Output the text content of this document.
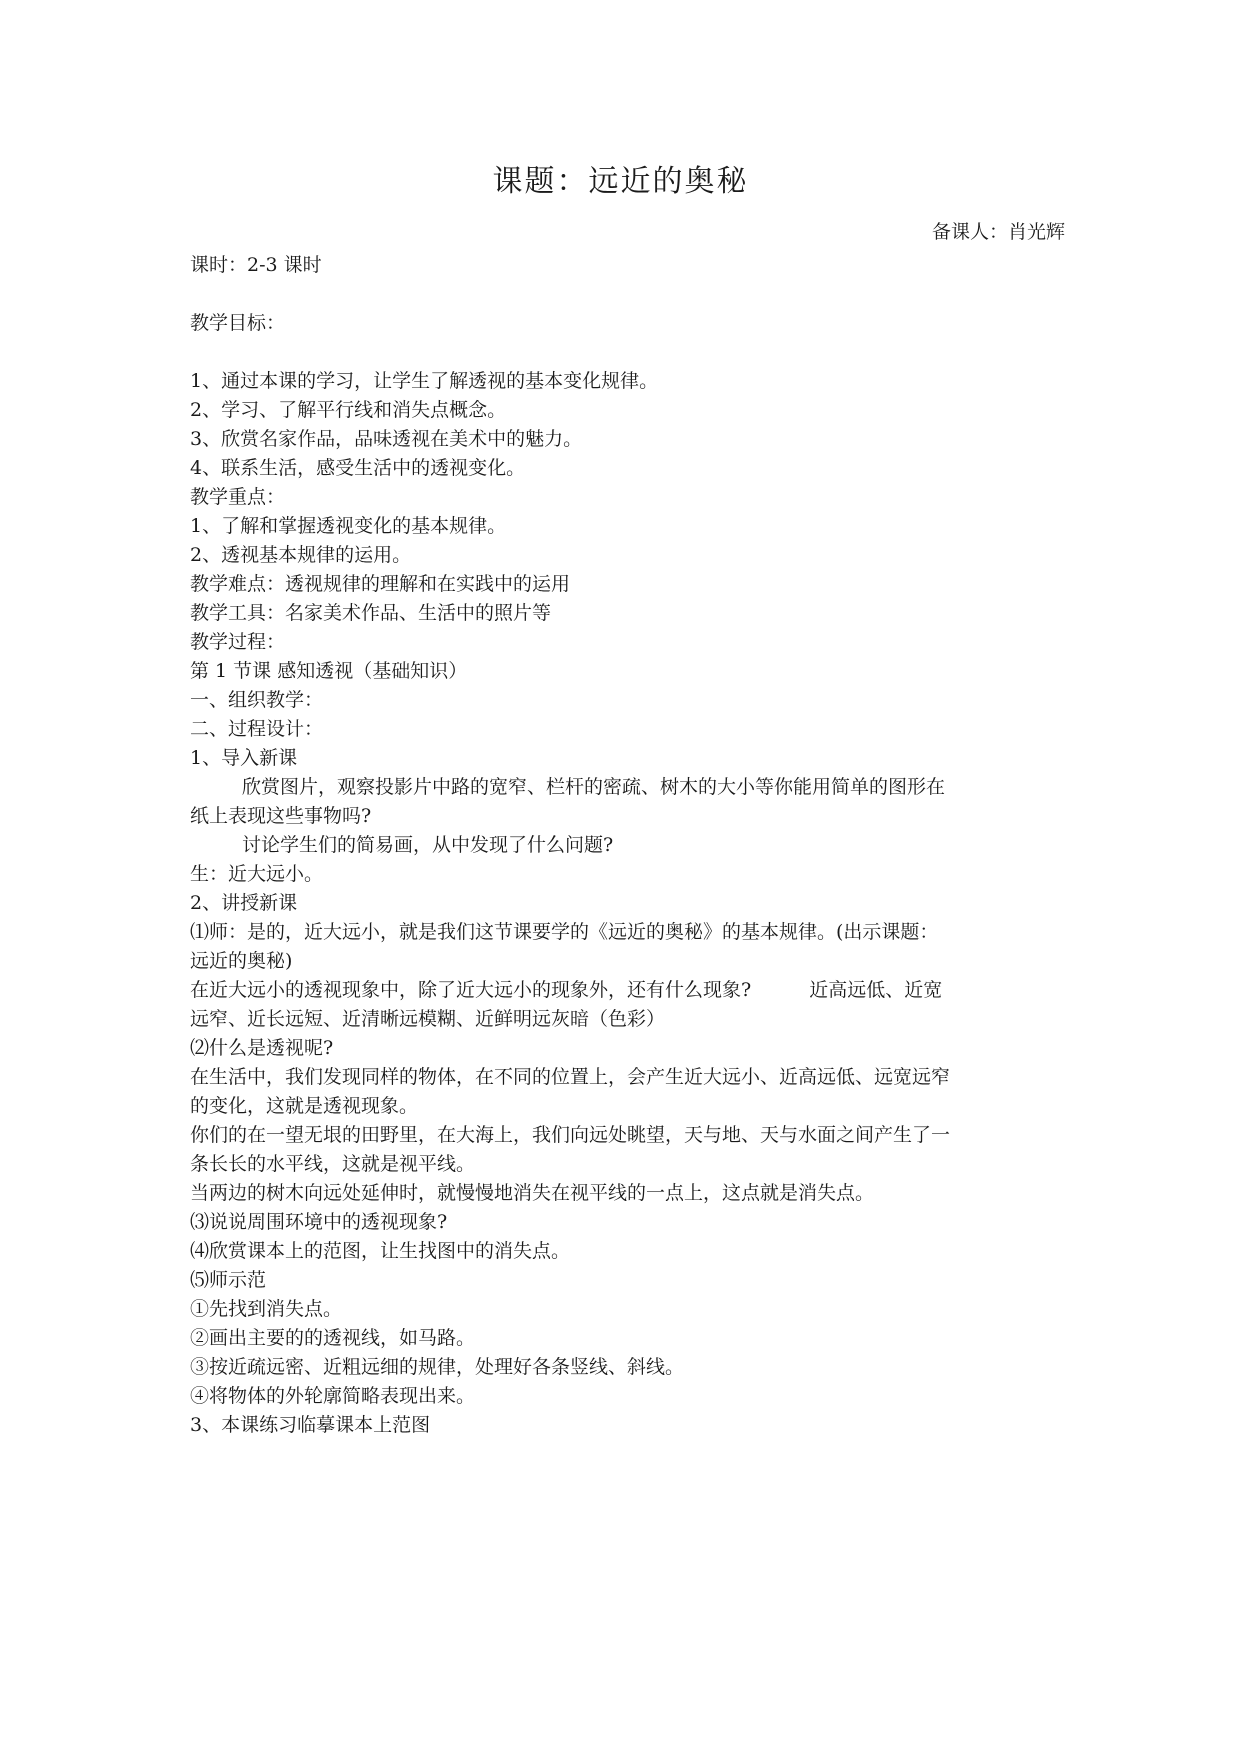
课题：远近的奥秘

备课人：肖光辉

课时：2-3 课时

教学目标：

1、通过本课的学习，让学生了解透视的基本变化规律。

2、学习、了解平行线和消失点概念。

3、欣赏名家作品，品味透视在美术中的魅力。

4、联系生活，感受生活中的透视变化。

教学重点：

1、了解和掌握透视变化的基本规律。

2、透视基本规律的运用。

教学难点：透视规律的理解和在实践中的运用

教学工具：名家美术作品、生活中的照片等

教学过程：

第 1 节课 感知透视（基础知识）

一、组织教学：

二、过程设计：

1、导入新课

欣赏图片，观察投影片中路的宽窄、栏杆的密疏、树木的大小等你能用简单的图形在

纸上表现这些事物吗?

讨论学生们的简易画，从中发现了什么问题?

生：近大远小。

2、讲授新课

⑴师：是的，近大远小，就是我们这节课要学的《远近的奥秘》的基本规律。(出示课题：

远近的奥秘)

在近大远小的透视现象中，除了近大远小的现象外，还有什么现象?	近高远低、近宽

远窄、近长远短、近清晰远模糊、近鲜明远灰暗（色彩）

⑵什么是透视呢?

在生活中，我们发现同样的物体，在不同的位置上，会产生近大远小、近高远低、远宽远窄

的变化，这就是透视现象。

你们的在一望无垠的田野里，在大海上，我们向远处眺望，天与地、天与水面之间产生了一

条长长的水平线，这就是视平线。

当两边的树木向远处延伸时，就慢慢地消失在视平线的一点上，这点就是消失点。

⑶说说周围环境中的透视现象?

⑷欣赏课本上的范图，让生找图中的消失点。

⑸师示范

①先找到消失点。

②画出主要的的透视线，如马路。

③按近疏远密、近粗远细的规律，处理好各条竖线、斜线。

④将物体的外轮廓简略表现出来。

3、本课练习临摹课本上范图
